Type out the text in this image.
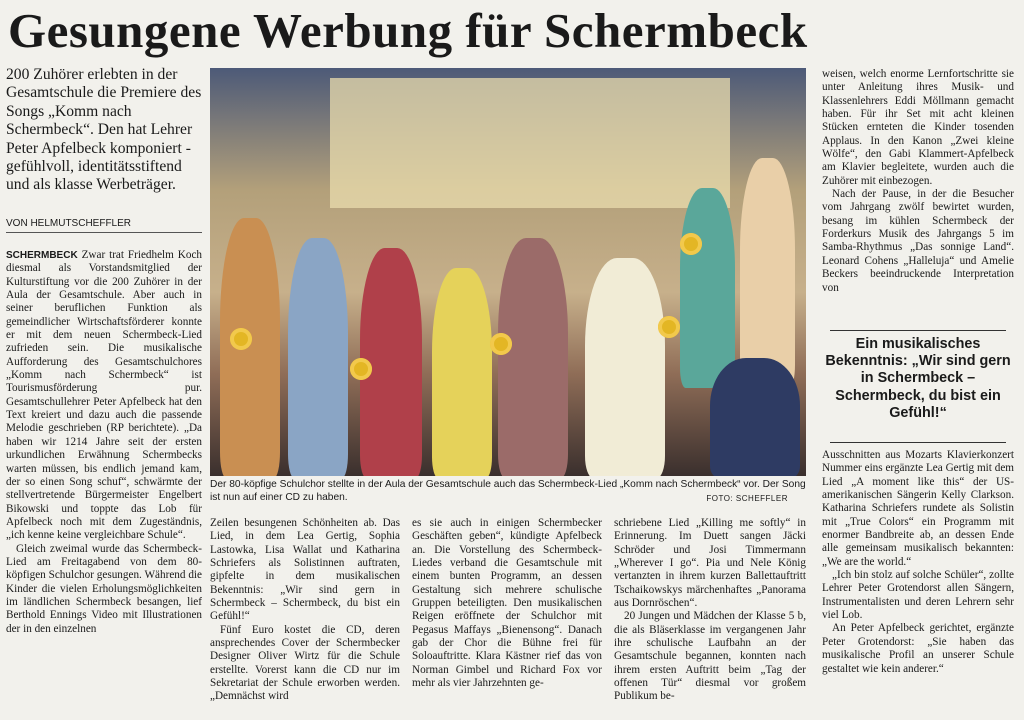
Gesungene Werbung für Schermbeck
200 Zuhörer erlebten in der Gesamtschule die Premiere des Songs „Komm nach Schermbeck“. Den hat Lehrer Peter Apfelbeck komponiert - gefühlvoll, identitätsstiftend und als klasse Werbeträger.
VON HELMUTSCHEFFLER
Der 80-köpfige Schulchor stellte in der Aula der Gesamtschule auch das Schermbeck-Lied „Komm nach Schermbeck“ vor. Der Song ist nun auf einer CD zu haben.	FOTO: SCHEFFLER

SCHERMBECK Zwar trat Friedhelm Koch diesmal als Vorstandsmitglied der Kulturstiftung vor die 200 Zuhörer in der Aula der Gesamtschule. Aber auch in seiner beruflichen Funktion als gemeindlicher Wirtschaftsförderer konnte er mit dem neuen Schermbeck-Lied zufrieden sein. Die musikalische Aufforderung des Gesamtschulchores „Komm nach Schermbeck“ ist Tourismusförderung pur. Gesamtschullehrer Peter Apfelbeck hat den Text kreiert und dazu auch die passende Melodie geschrieben (RP berichtete). „Da haben wir 1214 Jahre seit der ersten urkundlichen Erwähnung Schermbecks warten müssen, bis endlich jemand kam, der so einen Song schuf“, schwärmte der stellvertretende Bürgermeister Engelbert Bikowski und toppte das Lob für Apfelbeck noch mit dem Zugeständnis, „ich kenne keine vergleichbare Schule“.

Gleich zweimal wurde das Schermbeck-Lied am Freitagabend von dem 80-köpfigen Schulchor gesungen. Während die Kinder die vielen Erholungsmöglichkeiten im ländlichen Schermbeck besangen, lief Berthold Ennings Video mit Illustrationen der in den einzelnen

Zeilen besungenen Schönheiten ab. Das Lied, in dem Lea Gertig, Sophia Lastowka, Lisa Wallat und Katharina Schriefers als Solistinnen auftraten, gipfelte in dem musikalischen Bekenntnis: „Wir sind gern in Schermbeck – Schermbeck, du bist ein Gefühl!“

Fünf Euro kostet die CD, deren ansprechendes Cover der Schermbecker Designer Oliver Wirtz für die Schule erstellte. Vorerst kann die CD nur im Sekretariat der Schule erworben werden. „Demnächst wird

es sie auch in einigen Schermbecker Geschäften geben“, kündigte Apfelbeck an. Die Vorstellung des Schermbeck-Liedes verband die Gesamtschule mit einem bunten Programm, an dessen Gestaltung sich mehrere schulische Gruppen beteiligten. Den musikalischen Reigen eröffnete der Schulchor mit Pegasus Maffays „Bienensong“. Danach gab der Chor die Bühne frei für Soloauftritte. Klara Kästner rief das von Norman Gimbel und Richard Fox vor mehr als vier Jahrzehnten ge-

schriebene Lied „Killing me softly“ in Erinnerung. Im Duett sangen Jäcki Schröder und Josi Timmermann „Wherever I go“. Pia und Nele König vertanzten in ihrem kurzen Ballettauftritt Tschaikowskys märchenhaftes „Panorama aus Dornröschen“.

20 Jungen und Mädchen der Klasse 5 b, die als Bläserklasse im vergangenen Jahr ihre schulische Laufbahn an der Gesamtschule begannen, konnten nach ihrem ersten Auftritt beim „Tag der offenen Tür“ diesmal vor großem Publikum be-

weisen, welch enorme Lernfortschritte sie unter Anleitung ihres Musik- und Klassenlehrers Eddi Möllmann gemacht haben. Für ihr Set mit acht kleinen Stücken ernteten die Kinder tosenden Applaus. In den Kanon „Zwei kleine Wölfe“, den Gabi Klammert-Apfelbeck am Klavier begleitete, wurden auch die Zuhörer mit einbezogen.

Nach der Pause, in der die Besucher vom Jahrgang zwölf bewirtet wurden, besang im kühlen Schermbeck der Forderkurs Musik des Jahrgangs 5 im Samba-Rhythmus „Das sonnige Land“. Leonard Cohens „Halleluja“ und Amelie Beckers beeindruckende Interpretation von

Ein musikalisches Bekenntnis: „Wir sind gern in Schermbeck – Schermbeck, du bist ein Gefühl!“

Ausschnitten aus Mozarts Klavierkonzert Nummer eins ergänzte Lea Gertig mit dem Lied „A moment like this“ der US-amerikanischen Sängerin Kelly Clarkson. Katharina Schriefers rundete als Solistin mit „True Colors“ ein Programm mit enormer Bandbreite ab, an dessen Ende alle gemeinsam musikalisch bekannten: „We are the world.“

„Ich bin stolz auf solche Schüler“, zollte Lehrer Peter Grotendorst allen Sängern, Instrumentalisten und deren Lehrern sehr viel Lob.

An Peter Apfelbeck gerichtet, ergänzte Peter Grotendorst: „Sie haben das musikalische Profil an unserer Schule gestaltet wie kein anderer.“
